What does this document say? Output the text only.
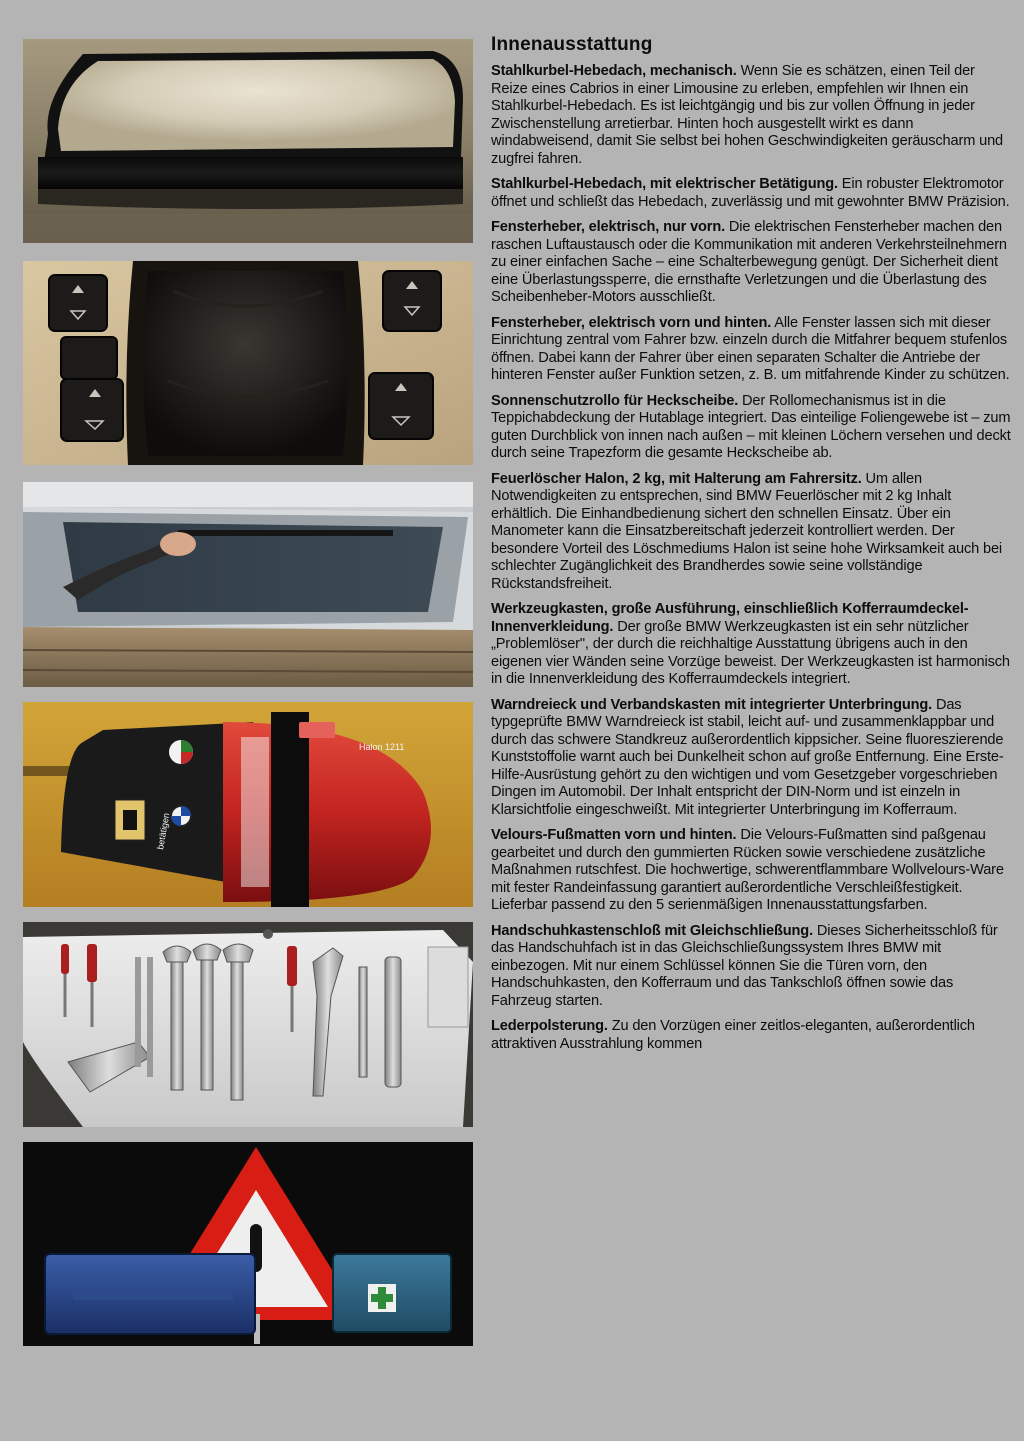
betätigen
Halon 1211
Innenausstattung

Stahlkurbel-Hebedach, mechanisch. Wenn Sie es schätzen, einen Teil der Reize eines Cabrios in einer Limousine zu erleben, empfehlen wir Ihnen ein Stahlkurbel-Hebedach. Es ist leichtgängig und bis zur vollen Öffnung in jeder Zwischenstellung arretierbar. Hinten hoch ausgestellt wirkt es dann windabweisend, damit Sie selbst bei hohen Geschwindigkeiten geräuscharm und zugfrei fahren.

Stahlkurbel-Hebedach, mit elektrischer Betätigung. Ein robuster Elektromotor öffnet und schließt das Hebedach, zuverlässig und mit gewohnter BMW Präzision.

Fensterheber, elektrisch, nur vorn. Die elektrischen Fensterheber machen den raschen Luftaustausch oder die Kommunikation mit anderen Verkehrsteilnehmern zu einer einfachen Sache – eine Schalterbewegung genügt. Der Sicherheit dient eine Überlastungssperre, die ernsthafte Verletzungen und die Überlastung des Scheibenheber-Motors ausschließt.

Fensterheber, elektrisch vorn und hinten. Alle Fenster lassen sich mit dieser Einrichtung zentral vom Fahrer bzw. einzeln durch die Mitfahrer bequem stufenlos öffnen. Dabei kann der Fahrer über einen separaten Schalter die Antriebe der hinteren Fenster außer Funktion setzen, z. B. um mitfahrende Kinder zu schützen.

Sonnenschutzrollo für Heckscheibe. Der Rollomechanismus ist in die Teppichabdeckung der Hutablage integriert. Das einteilige Foliengewebe ist – zum guten Durchblick von innen nach außen – mit kleinen Löchern versehen und deckt durch seine Trapezform die gesamte Heckscheibe ab.

Feuerlöscher Halon, 2 kg, mit Halterung am Fahrersitz. Um allen Notwendigkeiten zu entsprechen, sind BMW Feuerlöscher mit 2 kg Inhalt erhältlich. Die Einhandbedienung sichert den schnellen Einsatz. Über ein Manometer kann die Einsatzbereitschaft jederzeit kontrolliert werden. Der besondere Vorteil des Löschmediums Halon ist seine hohe Wirksamkeit auch bei schlechter Zugänglichkeit des Brandherdes sowie seine vollständige Rückstandsfreiheit.

Werkzeugkasten, große Ausführung, einschließlich Kofferraumdeckel-Innenverkleidung. Der große BMW Werkzeugkasten ist ein sehr nützlicher „Problemlöser", der durch die reichhaltige Ausstattung übrigens auch in den eigenen vier Wänden seine Vorzüge beweist. Der Werkzeugkasten ist harmonisch in die Innenverkleidung des Kofferraumdeckels integriert.

Warndreieck und Verbandskasten mit integrierter Unterbringung. Das typgeprüfte BMW Warndreieck ist stabil, leicht auf- und zusammenklappbar und durch das schwere Standkreuz außerordentlich kippsicher. Seine fluoreszierende Kunststoffolie warnt auch bei Dunkelheit schon auf große Entfernung. Eine Erste-Hilfe-Ausrüstung gehört zu den wichtigen und vom Gesetzgeber vorgeschrieben Dingen im Automobil. Der Inhalt entspricht der DIN-Norm und ist einzeln in Klarsichtfolie eingeschweißt. Mit integrierter Unterbringung im Kofferraum.

Velours-Fußmatten vorn und hinten. Die Velours-Fußmatten sind paßgenau gearbeitet und durch den gummierten Rücken sowie verschiedene zusätzliche Maßnahmen rutschfest. Die hochwertige, schwerentflammbare Wollvelours-Ware mit fester Randeinfassung garantiert außerordentliche Verschleißfestigkeit. Lieferbar passend zu den 5 serienmäßigen Innenausstattungsfarben.

Handschuhkastenschloß mit Gleichschließung. Dieses Sicherheitsschloß für das Handschuhfach ist in das Gleichschließungssystem Ihres BMW mit einbezogen. Mit nur einem Schlüssel können Sie die Türen vorn, den Handschuhkasten, den Kofferraum und das Tankschloß öffnen sowie das Fahrzeug starten.

Lederpolsterung. Zu den Vorzügen einer zeitlos-eleganten, außerordentlich attraktiven Ausstrahlung kommen
